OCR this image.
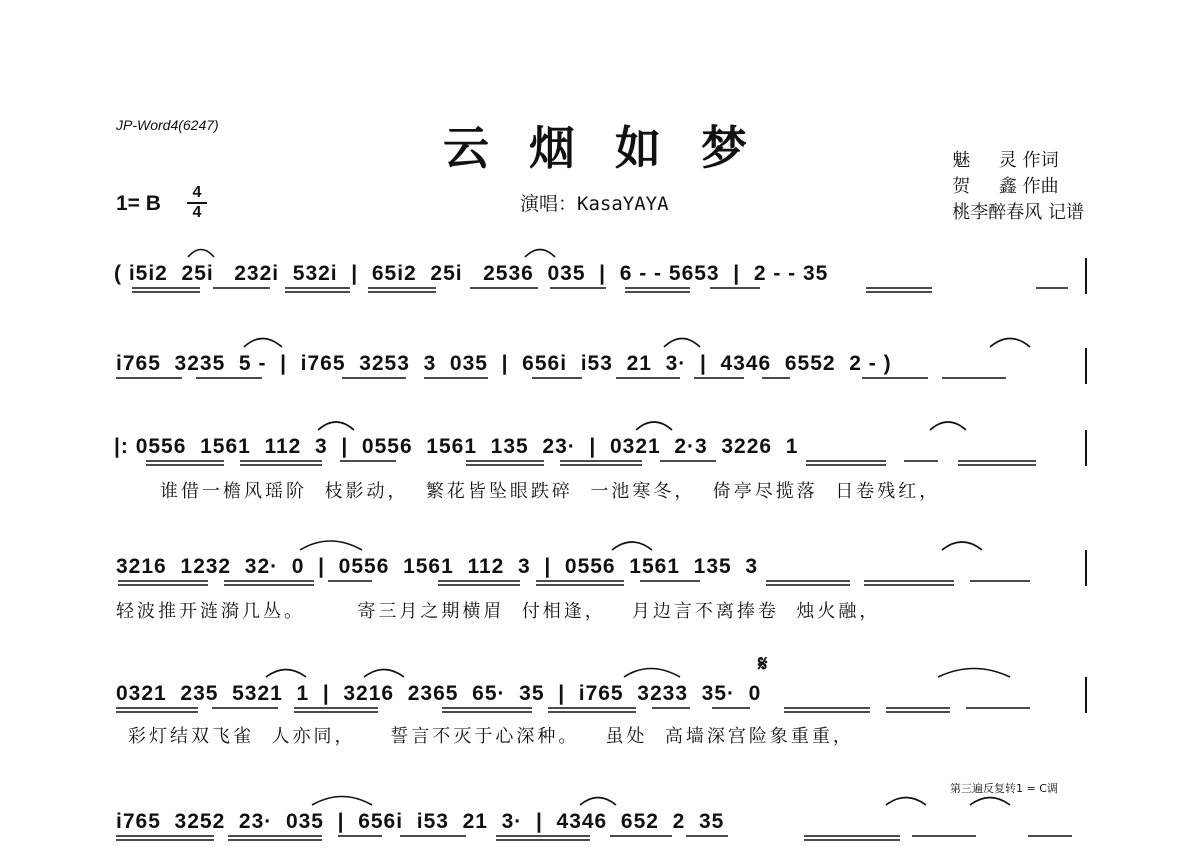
JP-Word4(6247)	云烟如梦
1= B	4
4	演唱：KasaYAYA
魅     灵 作词
贺     鑫 作曲
桃李醉春风 记谱
( i5i2  25i   232i  532i  |  65i2  25i   2536  035  |  6 - - 5653  |  2 - - 35
i765  3235  5 -  |  i765  3253  3  035  |  656i  i53  21  3·  |  4346  6552  2 - )
|: 0556  1561  112  3  |  0556  1561  135  23·  |  0321  2·3  3226  1
谁借一檐风瑶阶  枝影动，  繁花皆坠眼跌碎  一池寒冬，  倚亭尽揽落  日卷残红，
3216  1232  32·  0  |  0556  1561  112  3  |  0556  1561  135  3
轻波推开涟漪几丛。      寄三月之期横眉  付相逢，   月边言不离捧卷  烛火融，
𝄋
0321  235  5321  1  |  3216  2365  65·  35  |  i765  3233  35·  0
彩灯结双飞雀  人亦同，    誓言不灭于心深种。   虽处  高墙深宫险象重重，
第三遍反复转1 = C调
i765  3252  23·  035  |  656i  i53  21  3·  |  4346  652  2  35
